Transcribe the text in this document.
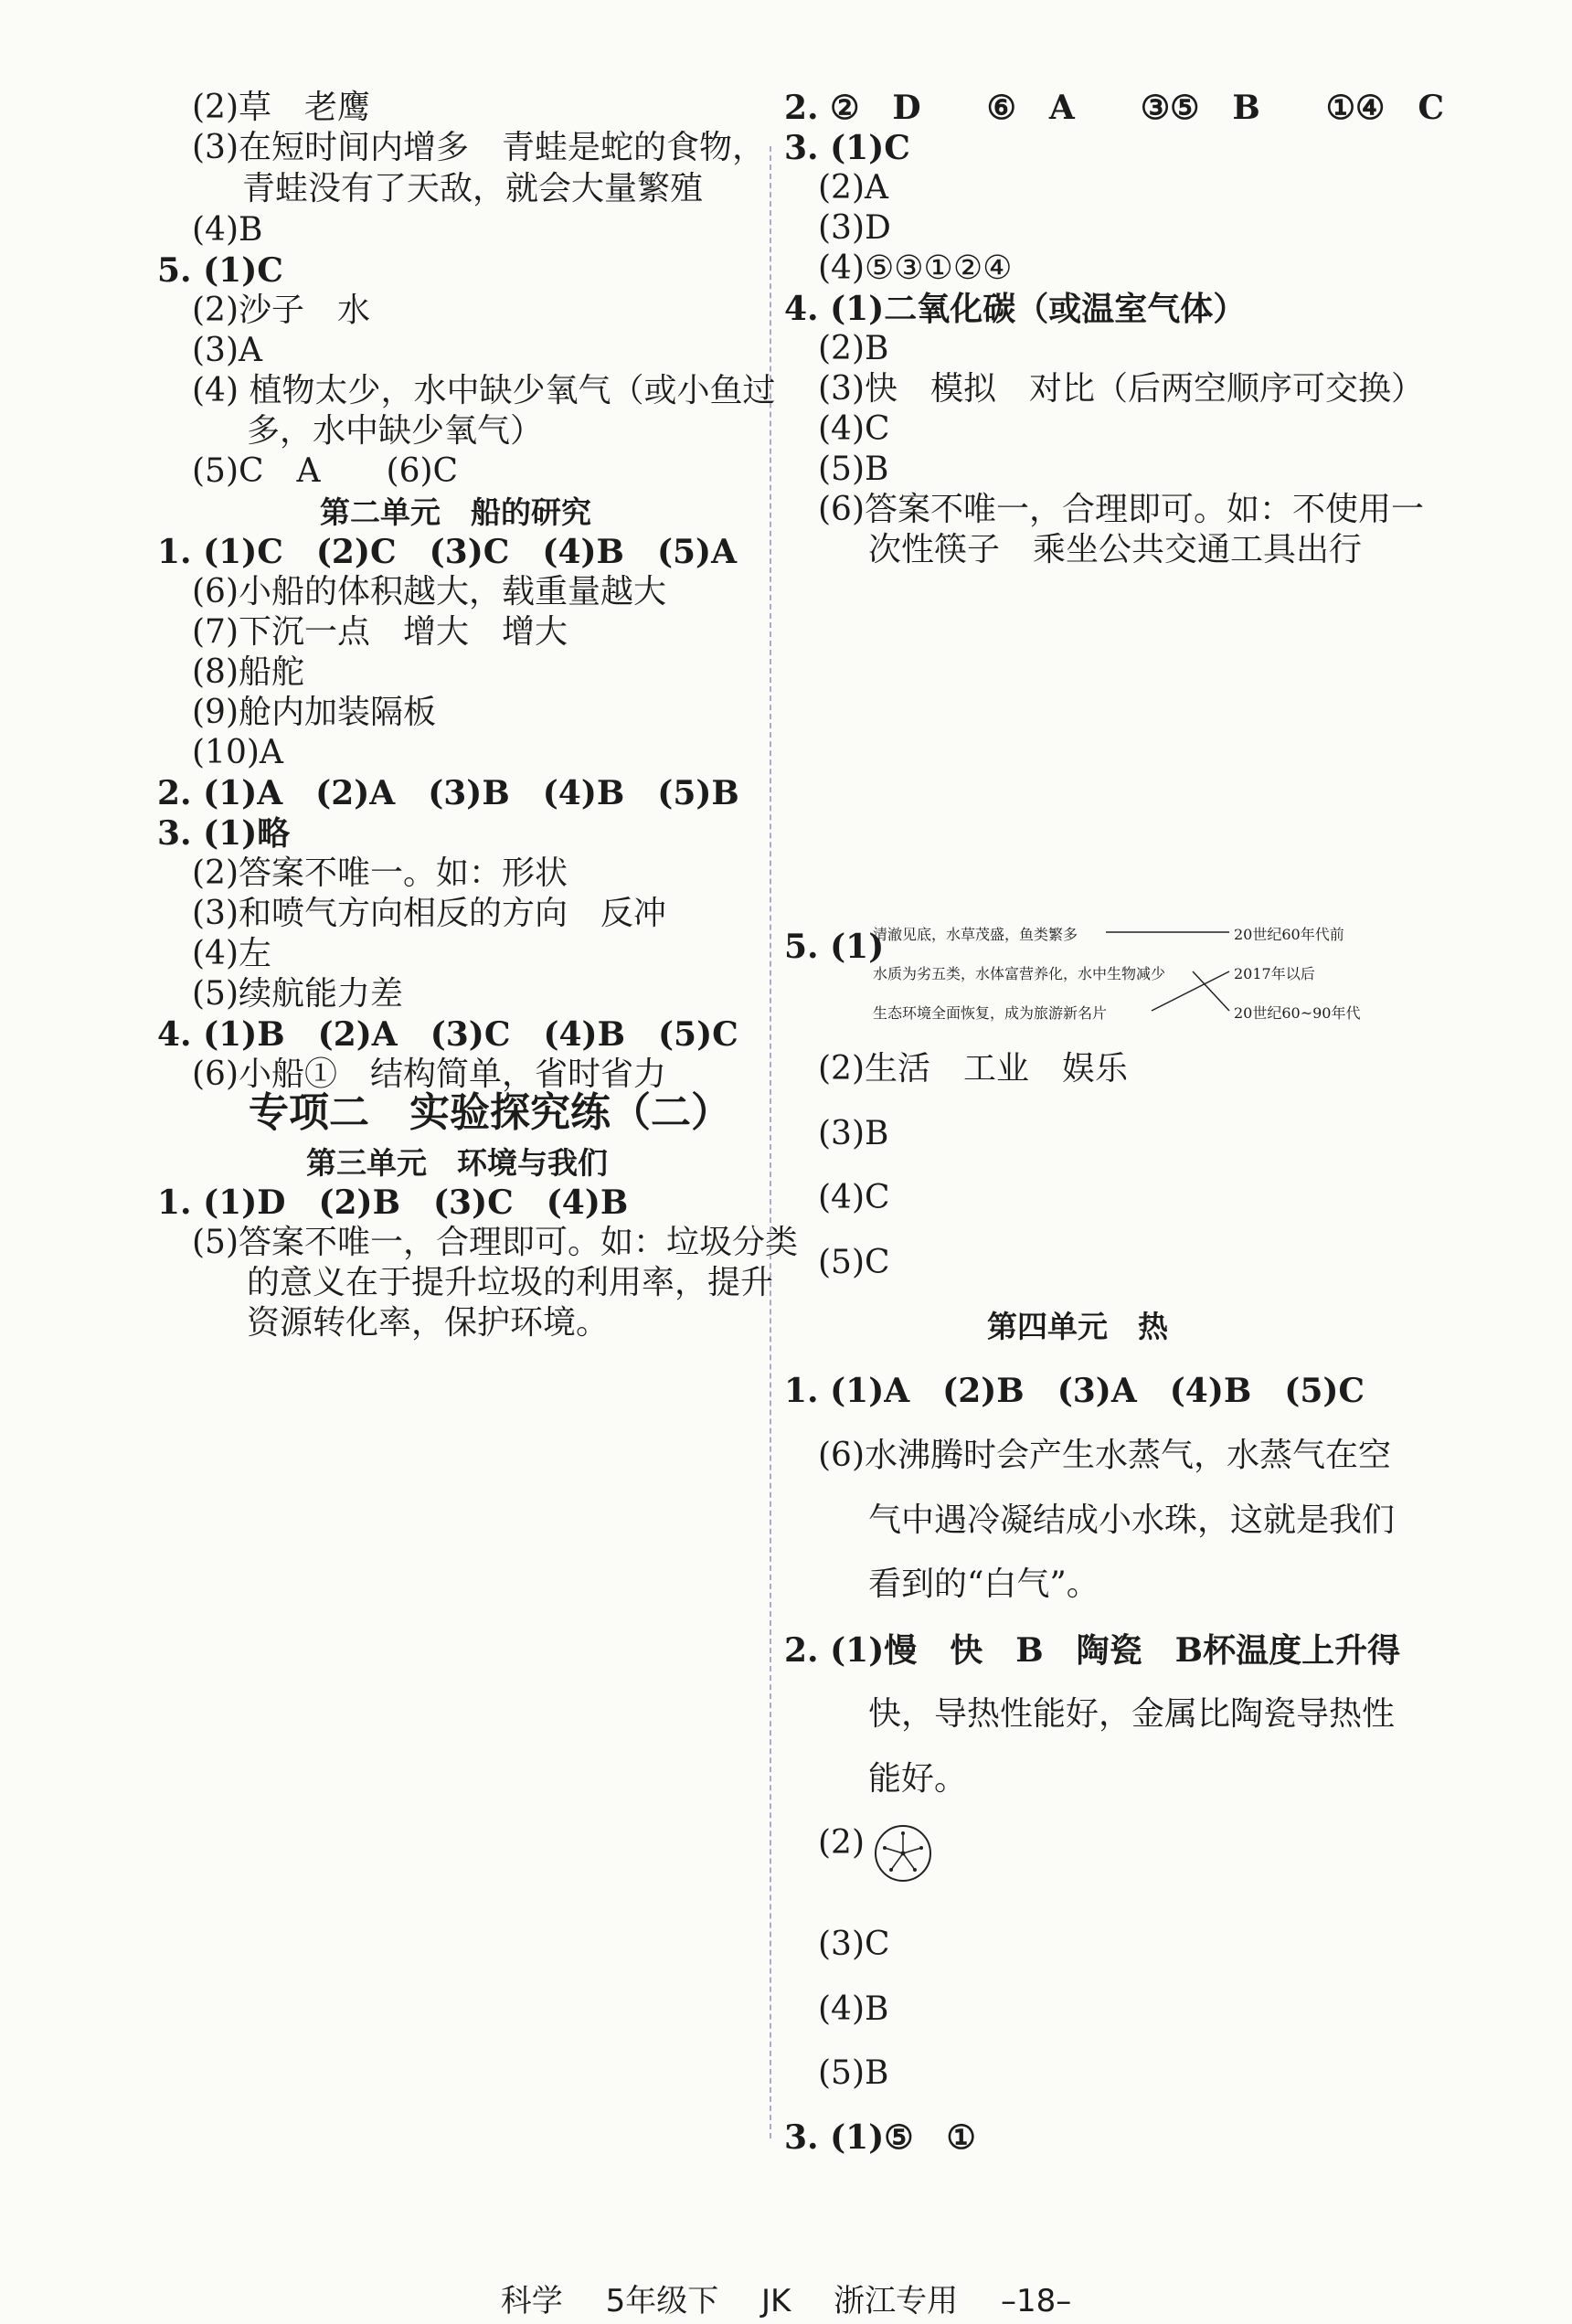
(2)草　老鹰
(3)在短时间内增多　青蛙是蛇的食物，
青蛙没有了天敌，就会大量繁殖
(4)B
5. (1)C
(2)沙子　水
(3)A
(4) 植物太少，水中缺少氧气（或小鱼过
多，水中缺少氧气）
(5)C　A　　(6)C
第二单元　船的研究
1. (1)C　(2)C　(3)C　(4)B　(5)A
(6)小船的体积越大，载重量越大
(7)下沉一点　增大　增大
(8)船舵
(9)舱内加装隔板
(10)A
2. (1)A　(2)A　(3)B　(4)B　(5)B
3. (1)略
(2)答案不唯一。如：形状
(3)和喷气方向相反的方向　反冲
(4)左
(5)续航能力差
4. (1)B　(2)A　(3)C　(4)B　(5)C
(6)小船①　结构简单，省时省力
专项二　实验探究练（二）
第三单元　环境与我们
1. (1)D　(2)B　(3)C　(4)B
(5)答案不唯一，合理即可。如：垃圾分类
的意义在于提升垃圾的利用率，提升
资源转化率，保护环境。
2. ②　D　　⑥　A　　③⑤　B　　①④　C
3. (1)C
(2)A
(3)D
(4)⑤③①②④
4. (1)二氧化碳（或温室气体）
(2)B
(3)快　模拟　对比（后两空顺序可交换）
(4)C
(5)B
(6)答案不唯一，合理即可。如：不使用一
次性筷子　乘坐公共交通工具出行
5. (1)
清澈见底，水草茂盛，鱼类繁多
水质为劣五类，水体富营养化，水中生物减少
生态环境全面恢复，成为旅游新名片
20世纪60年代前
2017年以后
20世纪60~90年代
(2)生活　工业　娱乐
(3)B
(4)C
(5)C
第四单元　热
1. (1)A　(2)B　(3)A　(4)B　(5)C
(6)水沸腾时会产生水蒸气，水蒸气在空
气中遇冷凝结成小水珠，这就是我们
看到的“白气”。
2. (1)慢　快　B　陶瓷　B杯温度上升得
快，导热性能好，金属比陶瓷导热性
能好。
(2)
(3)C
(4)B
(5)B
3. (1)⑤　①
科学 5年级下 JK 浙江专用 –18–
